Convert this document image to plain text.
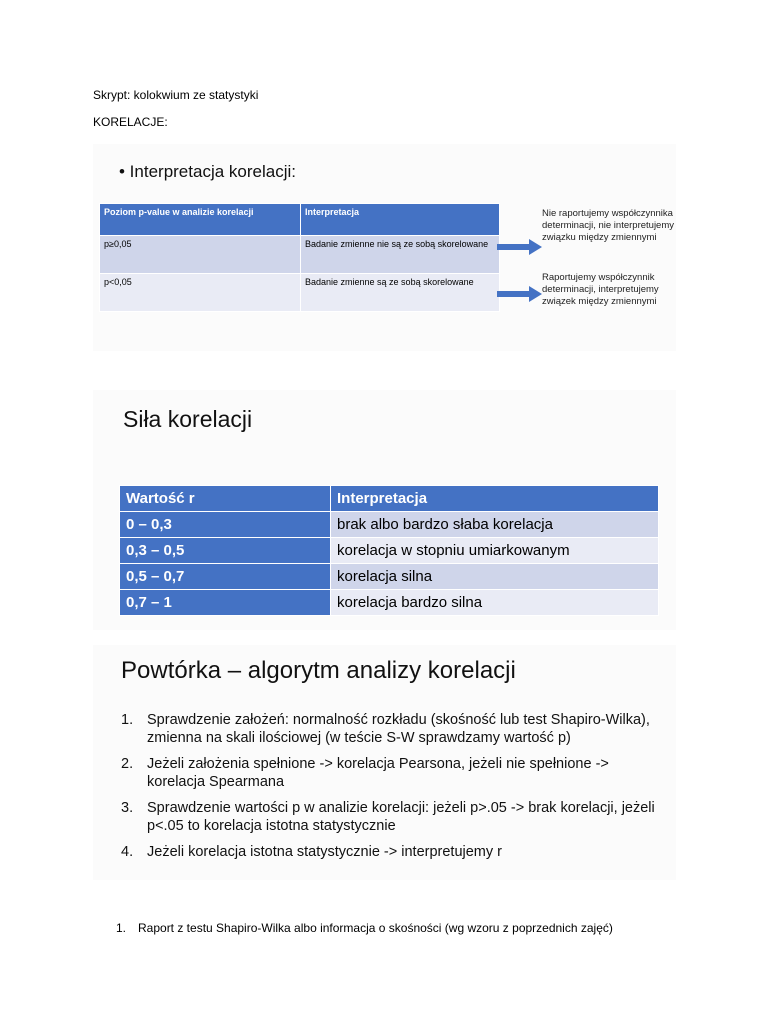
Skrypt: kolokwium ze statystyki
KORELACJE:
• Interpretacja korelacji:
Poziom p-value w analizie korelacji	Interpretacja
p≥0,05	Badanie zmienne nie są ze sobą skorelowane
p<0,05	Badanie zmienne są ze sobą skorelowane
Nie raportujemy współczynnika determinacji, nie interpretujemy związku między zmiennymi
Raportujemy współczynnik determinacji, interpretujemy związek między zmiennymi
Siła korelacji
Wartość r	Interpretacja
0 – 0,3	brak albo bardzo słaba korelacja
0,3 – 0,5	korelacja w stopniu umiarkowanym
0,5 – 0,7	korelacja silna
0,7 – 1	korelacja bardzo silna
Powtórka – algorytm analizy korelacji
1. Sprawdzenie założeń: normalność rozkładu (skośność lub test Shapiro-Wilka), zmienna na skali ilościowej (w teście S-W sprawdzamy wartość p)
2. Jeżeli założenia spełnione -> korelacja Pearsona, jeżeli nie spełnione -> korelacja Spearmana
3. Sprawdzenie wartości p w analizie korelacji: jeżeli p>.05 -> brak korelacji, jeżeli p<.05 to korelacja istotna statystycznie
4. Jeżeli korelacja istotna statystycznie -> interpretujemy r
1. Raport z testu Shapiro-Wilka albo informacja o skośności (wg wzoru z poprzednich zajęć)
